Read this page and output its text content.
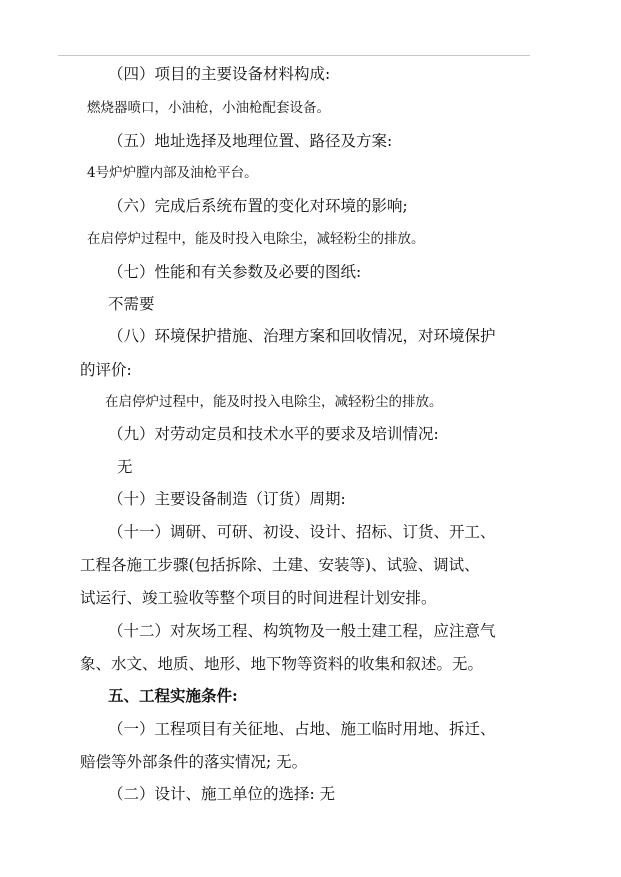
（四）项目的主要设备材料构成:
燃烧器喷口，小油枪，小油枪配套设备。
（五）地址选择及地理位置、路径及方案:
4号炉炉膛内部及油枪平台。
（六）完成后系统布置的变化对环境的影响;
在启停炉过程中，能及时投入电除尘，减轻粉尘的排放。
（七）性能和有关参数及必要的图纸:
不需要
（八）环境保护措施、治理方案和回收情况，对环境保护
的评价:
在启停炉过程中，能及时投入电除尘，减轻粉尘的排放。
（九）对劳动定员和技术水平的要求及培训情况:
无
（十）主要设备制造（订货）周期:
（十一）调研、可研、初设、设计、招标、订货、开工、
工程各施工步骤(包括拆除、土建、安装等)、试验、调试、
试运行、竣工验收等整个项目的时间进程计划安排。
（十二）对灰场工程、构筑物及一般土建工程，应注意气
象、水文、地质、地形、地下物等资料的收集和叙述。无。
五、工程实施条件:
（一）工程项目有关征地、占地、施工临时用地、拆迁、
赔偿等外部条件的落实情况; 无。
（二）设计、施工单位的选择: 无
